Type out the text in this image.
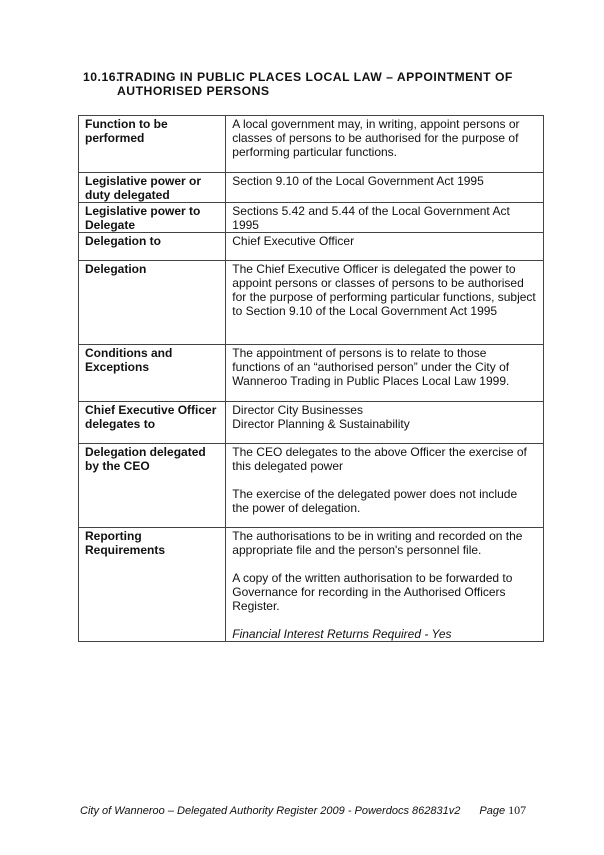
10.16.TRADING IN PUBLIC PLACES LOCAL LAW – APPOINTMENT OF
AUTHORISED PERSONS
Function to be performed	A local government may, in writing, appoint persons or classes of persons to be authorised for the purpose of performing particular functions.
Legislative power or duty delegated	Section 9.10 of the Local Government Act 1995
Legislative power to Delegate	Sections 5.42 and 5.44 of the Local Government Act 1995
Delegation to	Chief Executive Officer
Delegation	The Chief Executive Officer is delegated the power to appoint persons or classes of persons to be authorised for the purpose of performing particular functions, subject to Section 9.10 of the Local Government Act 1995
Conditions and Exceptions	The appointment of persons is to relate to those functions of an “authorised person” under the City of Wanneroo Trading in Public Places Local Law 1999.
Chief Executive Officer delegates to	Director City Businesses
Director Planning & Sustainability

Delegation delegated by the CEO	The CEO delegates to the above Officer the exercise of this delegated power
The exercise of the delegated power does not include the power of delegation.

Reporting Requirements	The authorisations to be in writing and recorded on the appropriate file and the person's personnel file.
A copy of the written authorisation to be forwarded to Governance for recording in the Authorised Officers Register.
Financial Interest Returns Required - Yes
City of Wanneroo – Delegated Authority Register 2009 - Powerdocs 862831v2 Page 107
